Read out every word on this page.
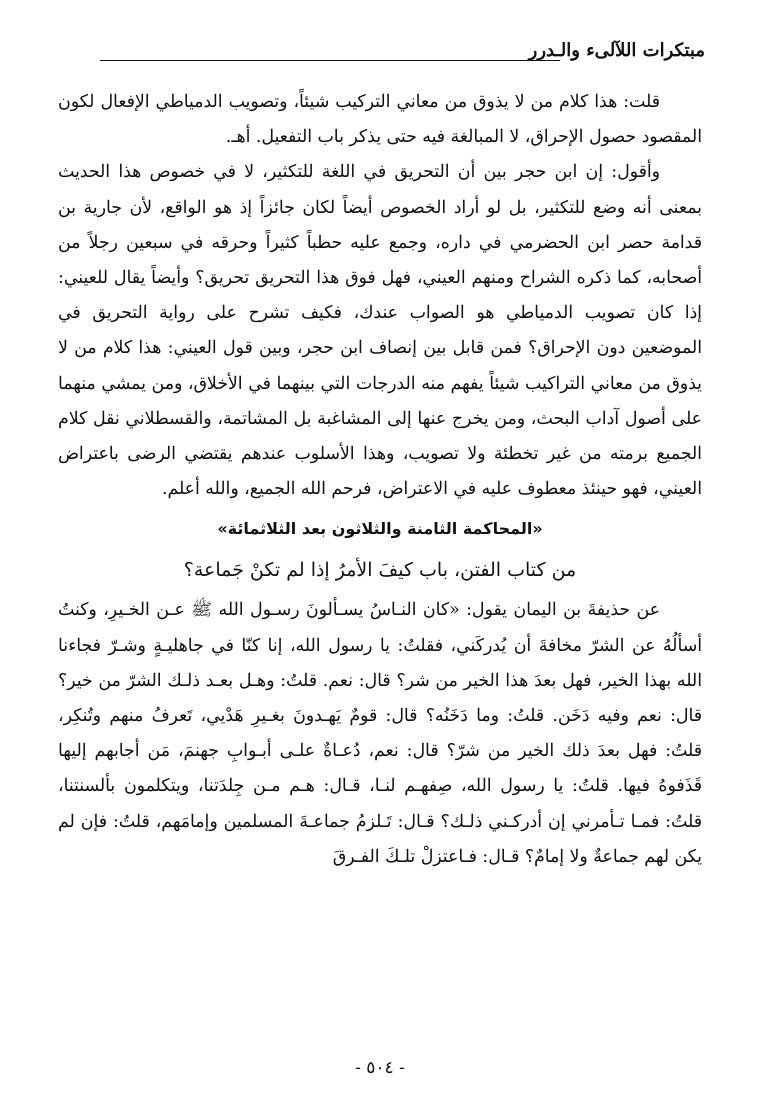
مبتكرات اللآلىء والـدرر

قلت: هذا كلام من لا يذوق من معاني التركيب شيئاً، وتصويب الدمياطي الإفعال لكون المقصود حصول الإحراق، لا المبالغة فيه حتى يذكر باب التفعيل. أهـ.

وأقول: إن ابن حجر بين أن التحريق في اللغة للتكثير، لا في خصوص هذا الحديث بمعنى أنه وضع للتكثير، بل لو أراد الخصوص أيضاً لكان جائزاً إذ هو الواقع، لأن جارية بن قدامة حصر ابن الحضرمي في داره، وجمع عليه حطباً كثيراً وحرقه في سبعين رجلاً من أصحابه، كما ذكره الشراح ومنهم العيني، فهل فوق هذا التحريق تحريق؟ وأيضاً يقال للعيني: إذا كان تصويب الدمياطي هو الصواب عندك، فكيف تشرح على رواية التحريق في الموضعين دون الإحراق؟ فمن قابل بين إنصاف ابن حجر، وبين قول العيني: هذا كلام من لا يذوق من معاني التراكيب شيئاً يفهم منه الدرجات التي بينهما في الأخلاق، ومن يمشي منهما على أصول آداب البحث، ومن يخرج عنها إلى المشاغبة بل المشاتمة، والقسطلاني نقل كلام الجميع برمته من غير تخطئة ولا تصويب، وهذا الأسلوب عندهم يقتضي الرضى باعتراض العيني، فهو حينئذ معطوف عليه في الاعتراض، فرحم الله الجميع، والله أعلم.

«المحاكمة الثامنة والثلاثون بعد الثلاثمائة»
من كتاب الفتن، باب كيفَ الأمرُ إذا لم تكنْ جَماعة؟

عن حذيفةَ بن اليمان يقول: «كان النـاسُ يسـألونَ رسـول الله ﷺ عـن الخـيرِ، وكنتُ أسألُهُ عن الشرّ مخافةَ أن يُدركَني، فقلتُ: يا رسول الله، إنا كنّا في جاهليـةٍ وشـرّ فجاءنا الله بهذا الخير، فهل بعدَ هذا الخير من شر؟ قال: نعم. قلتُ: وهـل بعـد ذلـك الشرّ من خير؟ قال: نعم وفيه دَخَن. قلتُ: وما دَخَنُه؟ قال: قومٌ يَهـدونَ بغـيرِ هَدْيي، تَعرفُ منهم وتُنكِر، قلتُ: فهل بعدَ ذلك الخير من شرّ؟ قال: نعم، دُعـاةٌ علـى أبـوابِ جهنمَ، مَن أجابهم إليها قَذَفوهُ فيها. قلتُ: يا رسول الله، صِفهـم لنـا، قـال: هـم مـن جِلدَتنا، ويتكلمون بألسنتنا، قلتُ: فمـا تـأمرني إن أدركـني ذلـك؟ قـال: تَـلزمُ جماعـةَ المسلمين وإمامَهم، قلتُ: فإن لم يكن لهم جماعةٌ ولا إمامٌ؟ قـال: فـاعتزلْ تلـكَ الفـرقَ

- ٥٠٤ -
